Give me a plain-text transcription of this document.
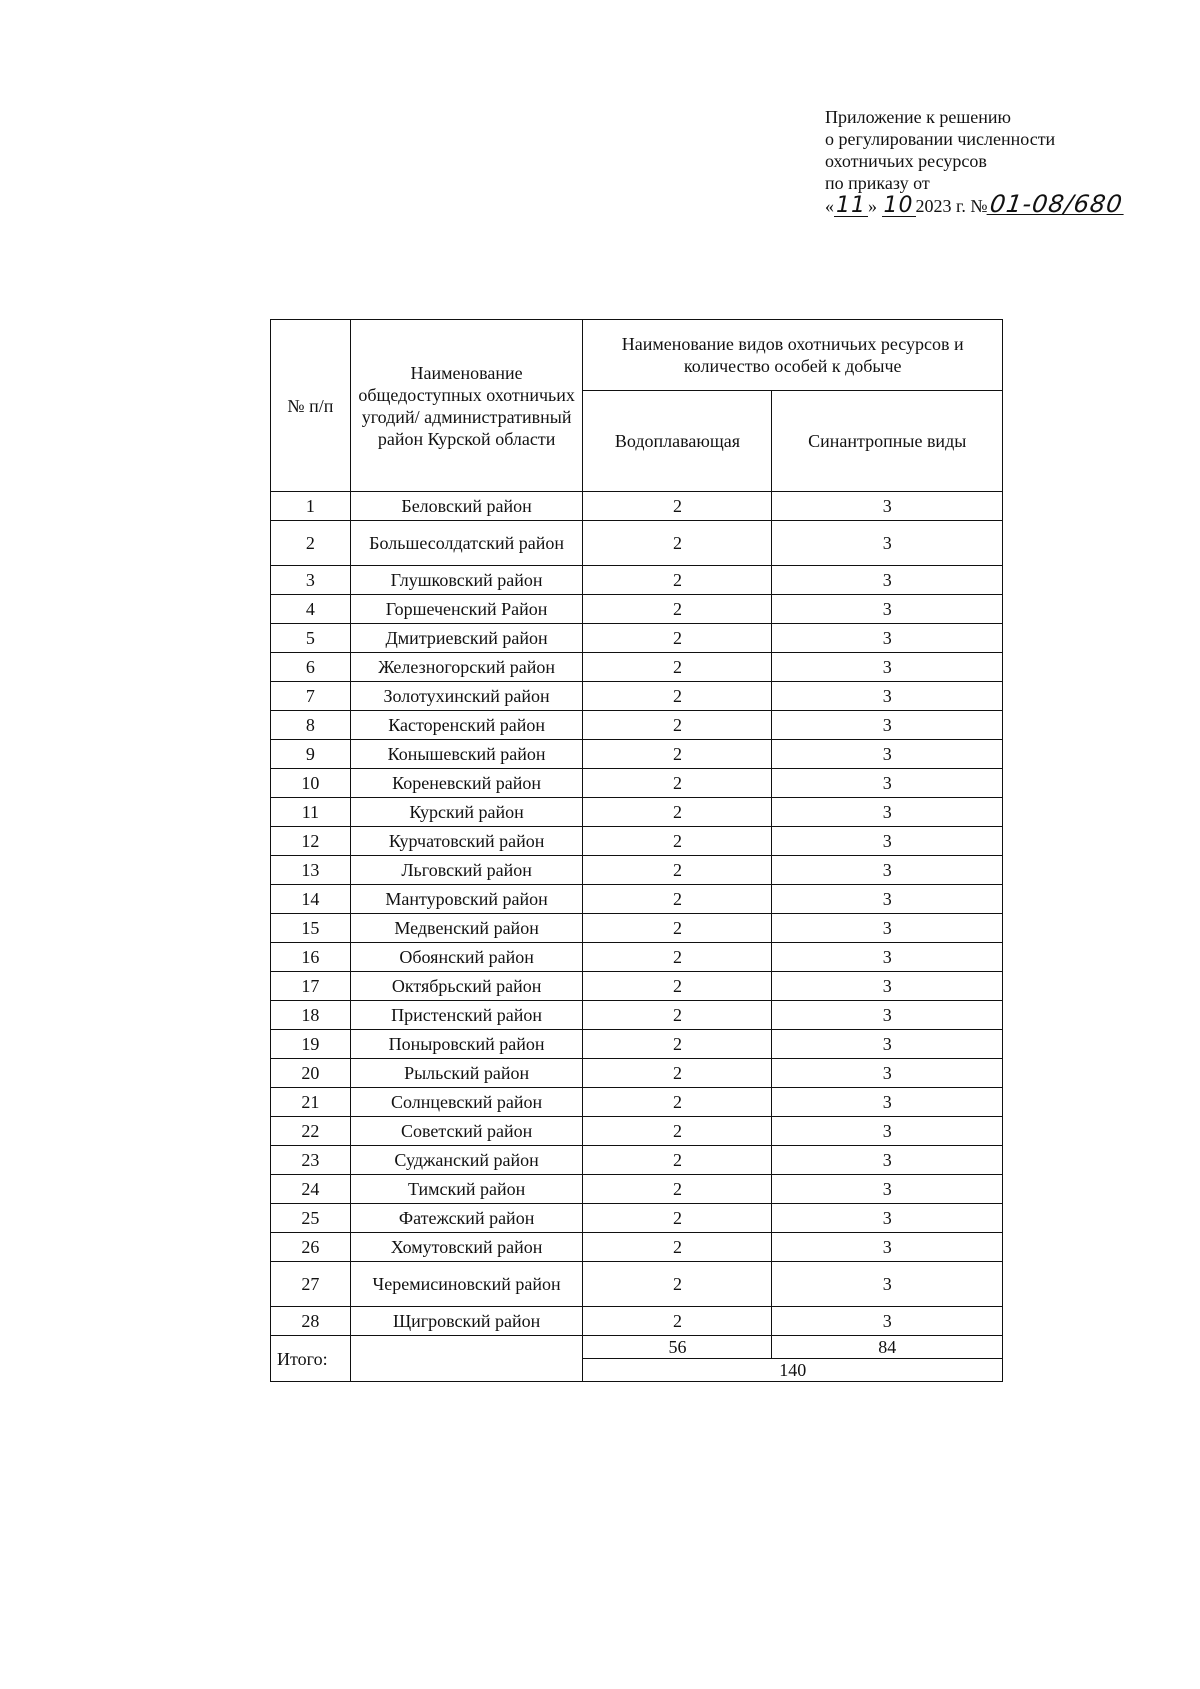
Приложение к решению
о регулировании численности
охотничьих ресурсов
по приказу от
«11 » 10 2023 г. №01-08/680
№ п/п	Наименование общедоступных охотничьих угодий/ административный район Курской области	Наименование видов охотничьих ресурсов и количество особей к добыче	
		Водоплавающая	Синантропные виды
1	Беловский район	2	3
2	Большесолдатский район	2	3
3	Глушковский район	2	3
4	Горшеченский Район	2	3
5	Дмитриевский район	2	3
6	Железногорский район	2	3
7	Золотухинский район	2	3
8	Касторенский район	2	3
9	Конышевский район	2	3
10	Кореневский район	2	3
11	Курский район	2	3
12	Курчатовский район	2	3
13	Льговский район	2	3
14	Мантуровский район	2	3
15	Медвенский район	2	3
16	Обоянский район	2	3
17	Октябрьский район	2	3
18	Пристенский район	2	3
19	Поныровский район	2	3
20	Рыльский район	2	3
21	Солнцевский район	2	3
22	Советский район	2	3
23	Суджанский район	2	3
24	Тимский район	2	3
25	Фатежский район	2	3
26	Хомутовский район	2	3
27	Черемисиновский район	2	3
28	Щигровский район	2	3
Итого:		56	84
		140	
